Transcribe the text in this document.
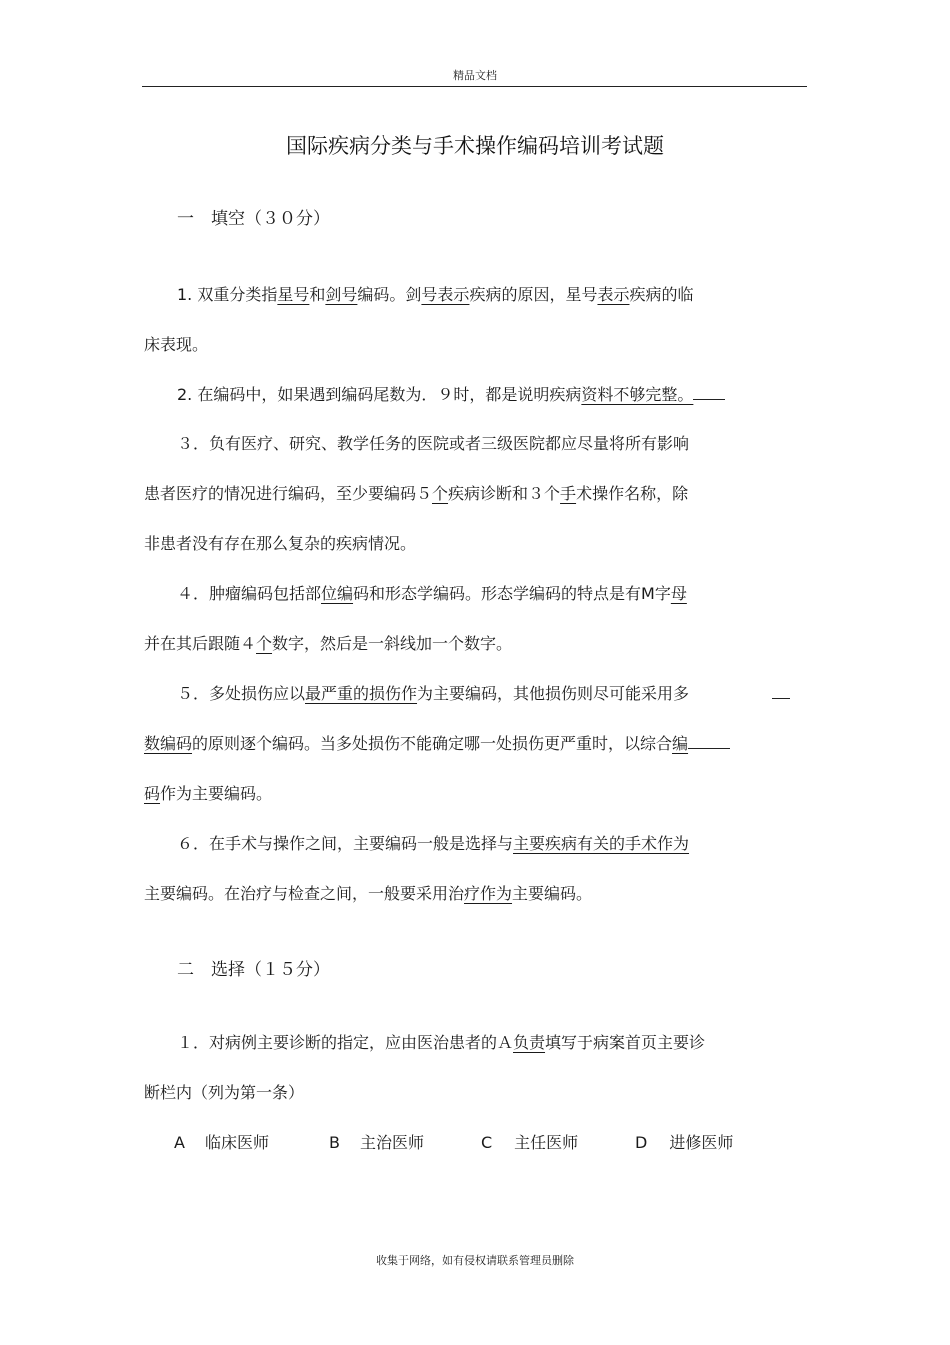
精品文档
国际疾病分类与手术操作编码培训考试题
一　填空（３０分）
1. 双重分类指星号和剑号编码。剑号表示疾病的原因，星号表示疾病的临
床表现。
2. 在编码中，如果遇到编码尾数为．９时，都是说明疾病资料不够完整。
３．负有医疗、研究、教学任务的医院或者三级医院都应尽量将所有影响
患者医疗的情况进行编码，至少要编码５个疾病诊断和３个手术操作名称，除
非患者没有存在那么复杂的疾病情况。
４．肿瘤编码包括部位编码和形态学编码。形态学编码的特点是有M字母
并在其后跟随４个数字，然后是一斜线加一个数字。
５．多处损伤应以最严重的损伤作为主要编码，其他损伤则尽可能采用多
数编码的原则逐个编码。当多处损伤不能确定哪一处损伤更严重时，以综合编
码作为主要编码。
６．在手术与操作之间，主要编码一般是选择与主要疾病有关的手术作为
主要编码。在治疗与检查之间，一般要采用治疗作为主要编码。
二　选择（１５分）
１．对病例主要诊断的指定，应由医治患者的Ａ负责填写于病案首页主要诊
断栏内（列为第一条）
A 临床医师	B 主治医师	C 主任医师	D 进修医师
收集于网络，如有侵权请联系管理员删除
